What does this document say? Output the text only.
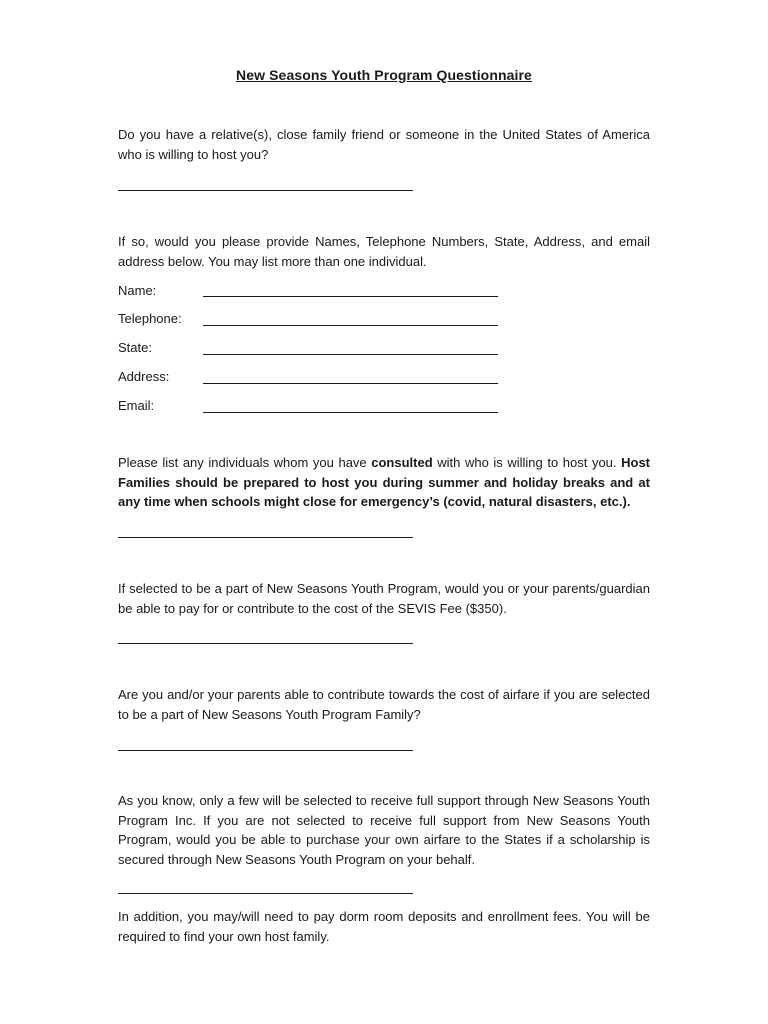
New Seasons Youth Program Questionnaire
Do you have a relative(s), close family friend or someone in the United States of America who is willing to host you?
If so, would you please provide Names, Telephone Numbers, State, Address, and email address below. You may list more than one individual.
Name:
Telephone:
State:
Address:
Email:
Please list any individuals whom you have consulted with who is willing to host you. Host Families should be prepared to host you during summer and holiday breaks and at any time when schools might close for emergency’s (covid, natural disasters, etc.).
If selected to be a part of New Seasons Youth Program, would you or your parents/guardian be able to pay for or contribute to the cost of the SEVIS Fee ($350).
Are you and/or your parents able to contribute towards the cost of airfare if you are selected to be a part of New Seasons Youth Program Family?
As you know, only a few will be selected to receive full support through New Seasons Youth Program Inc. If you are not selected to receive full support from New Seasons Youth Program, would you be able to purchase your own airfare to the States if a scholarship is secured through New Seasons Youth Program on your behalf.
In addition, you may/will need to pay dorm room deposits and enrollment fees. You will be required to find your own host family.
